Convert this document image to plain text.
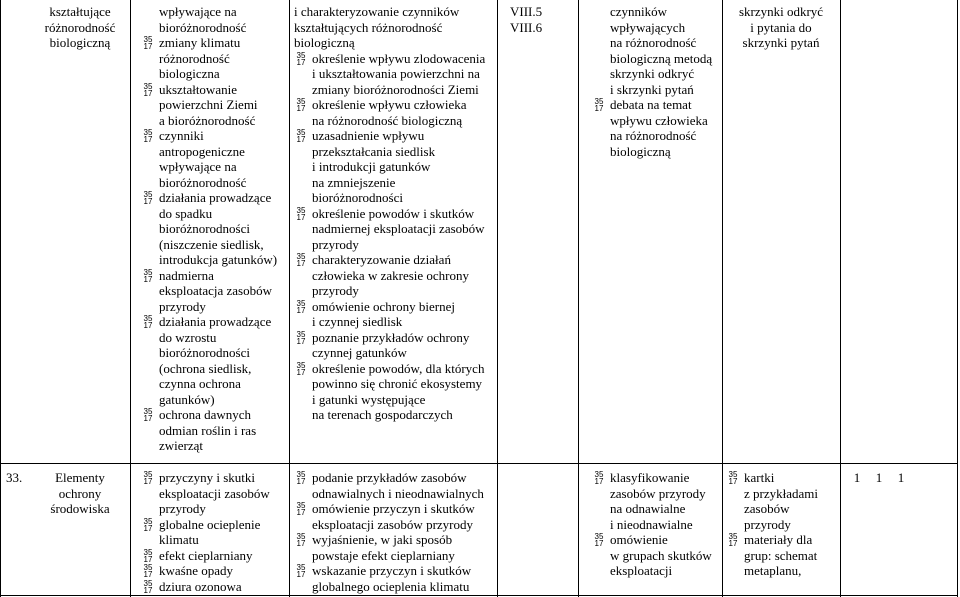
kształtujące
różnorodność
biologiczną
wpływające na
bioróżnorodność
35
17 zmiany klimatu
różnorodność
biologiczna
35
17 ukształtowanie
powierzchni Ziemi
a bioróżnorodność
35
17 czynniki
antropogeniczne
wpływające na
bioróżnorodność
35
17 działania prowadzące
do spadku
bioróżnorodności
(niszczenie siedlisk,
introdukcja gatunków)
35
17 nadmierna
eksploatacja zasobów
przyrody
35
17 działania prowadzące
do wzrostu
bioróżnorodności
(ochrona siedlisk,
czynna ochrona
gatunków)
35
17 ochrona dawnych
odmian roślin i ras
zwierząt
i charakteryzowanie czynników
kształtujących różnorodność
biologiczną
35
17 określenie wpływu zlodowacenia
i ukształtowania powierzchni na
zmiany bioróżnorodności Ziemi
35
17 określenie wpływu człowieka
na różnorodność biologiczną
35
17 uzasadnienie wpływu
przekształcania siedlisk
i introdukcji gatunków
na zmniejszenie
bioróżnorodności
35
17 określenie powodów i skutków
nadmiernej eksploatacji zasobów
przyrody
35
17 charakteryzowanie działań
człowieka w zakresie ochrony
przyrody
35
17 omówienie ochrony biernej
i czynnej siedlisk
35
17 poznanie przykładów ochrony
czynnej gatunków
35
17 określenie powodów, dla których
powinno się chronić ekosystemy
i gatunki występujące
na terenach gospodarczych
VIII.5
VIII.6
czynników
wpływających
na różnorodność
biologiczną metodą
skrzynki odkryć
i skrzynki pytań
35
17 debata na temat
wpływu człowieka
na różnorodność
biologiczną
skrzynki odkryć
i pytania do
skrzynki pytań
33.	Elementy
ochrony
środowiska
35
17 przyczyny i skutki
eksploatacji zasobów
przyrody
35
17 globalne ocieplenie
klimatu
35
17 efekt cieplarniany
35
17 kwaśne opady
35
17 dziura ozonowa
35
17 podanie przykładów zasobów
odnawialnych i nieodnawialnych
35
17 omówienie przyczyn i skutków
eksploatacji zasobów przyrody
35
17 wyjaśnienie, w jaki sposób
powstaje efekt cieplarniany
35
17 wskazanie przyczyn i skutków
globalnego ocieplenia klimatu
35
17 klasyfikowanie
zasobów przyrody
na odnawialne
i nieodnawialne
35
17 omówienie
w grupach skutków
eksploatacji
35
17 kartki
z przykładami
zasobów
przyrody
35
17 materiały dla
grup: schemat
metaplanu,
1 1 1
